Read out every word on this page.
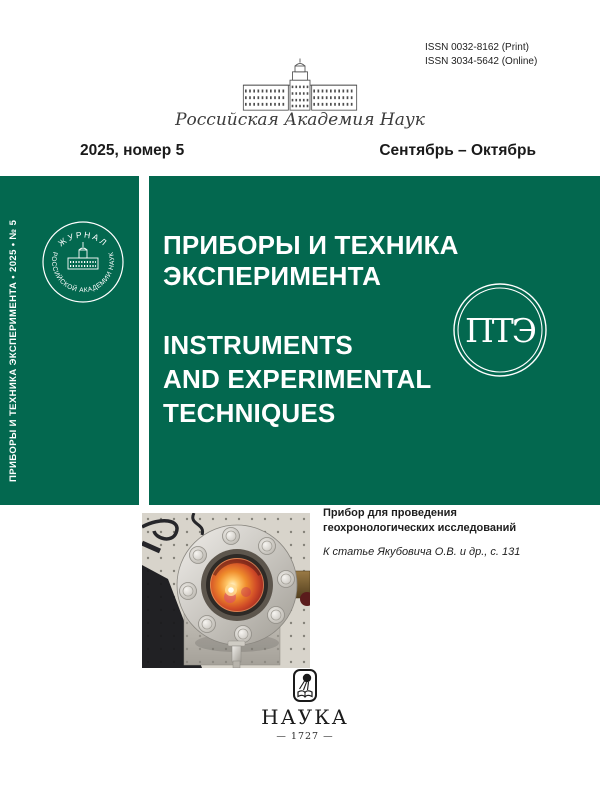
ISSN 0032-8162 (Print)
ISSN 3034-5642 (Online)
Российская Академия Наук
2025, номер 5	Сентябрь – Октябрь
ПРИБОРЫ И ТЕХНИКА
ЭКСПЕРИМЕНТА
INSTRUMENTS
AND EXPERIMENTAL
TECHNIQUES
ПТЭ
ПРИБОРЫ И ТЕХНИКА ЭКСПЕРИМЕНТА • 2025 • № 5	ЖУРНАЛ
РОССИЙСКОЙ АКАДЕМИИ НАУК
Прибор для проведения
геохронологических исследований
К статье Якубовича О.В. и др., с. 131
НАУКА
— 1727 —
